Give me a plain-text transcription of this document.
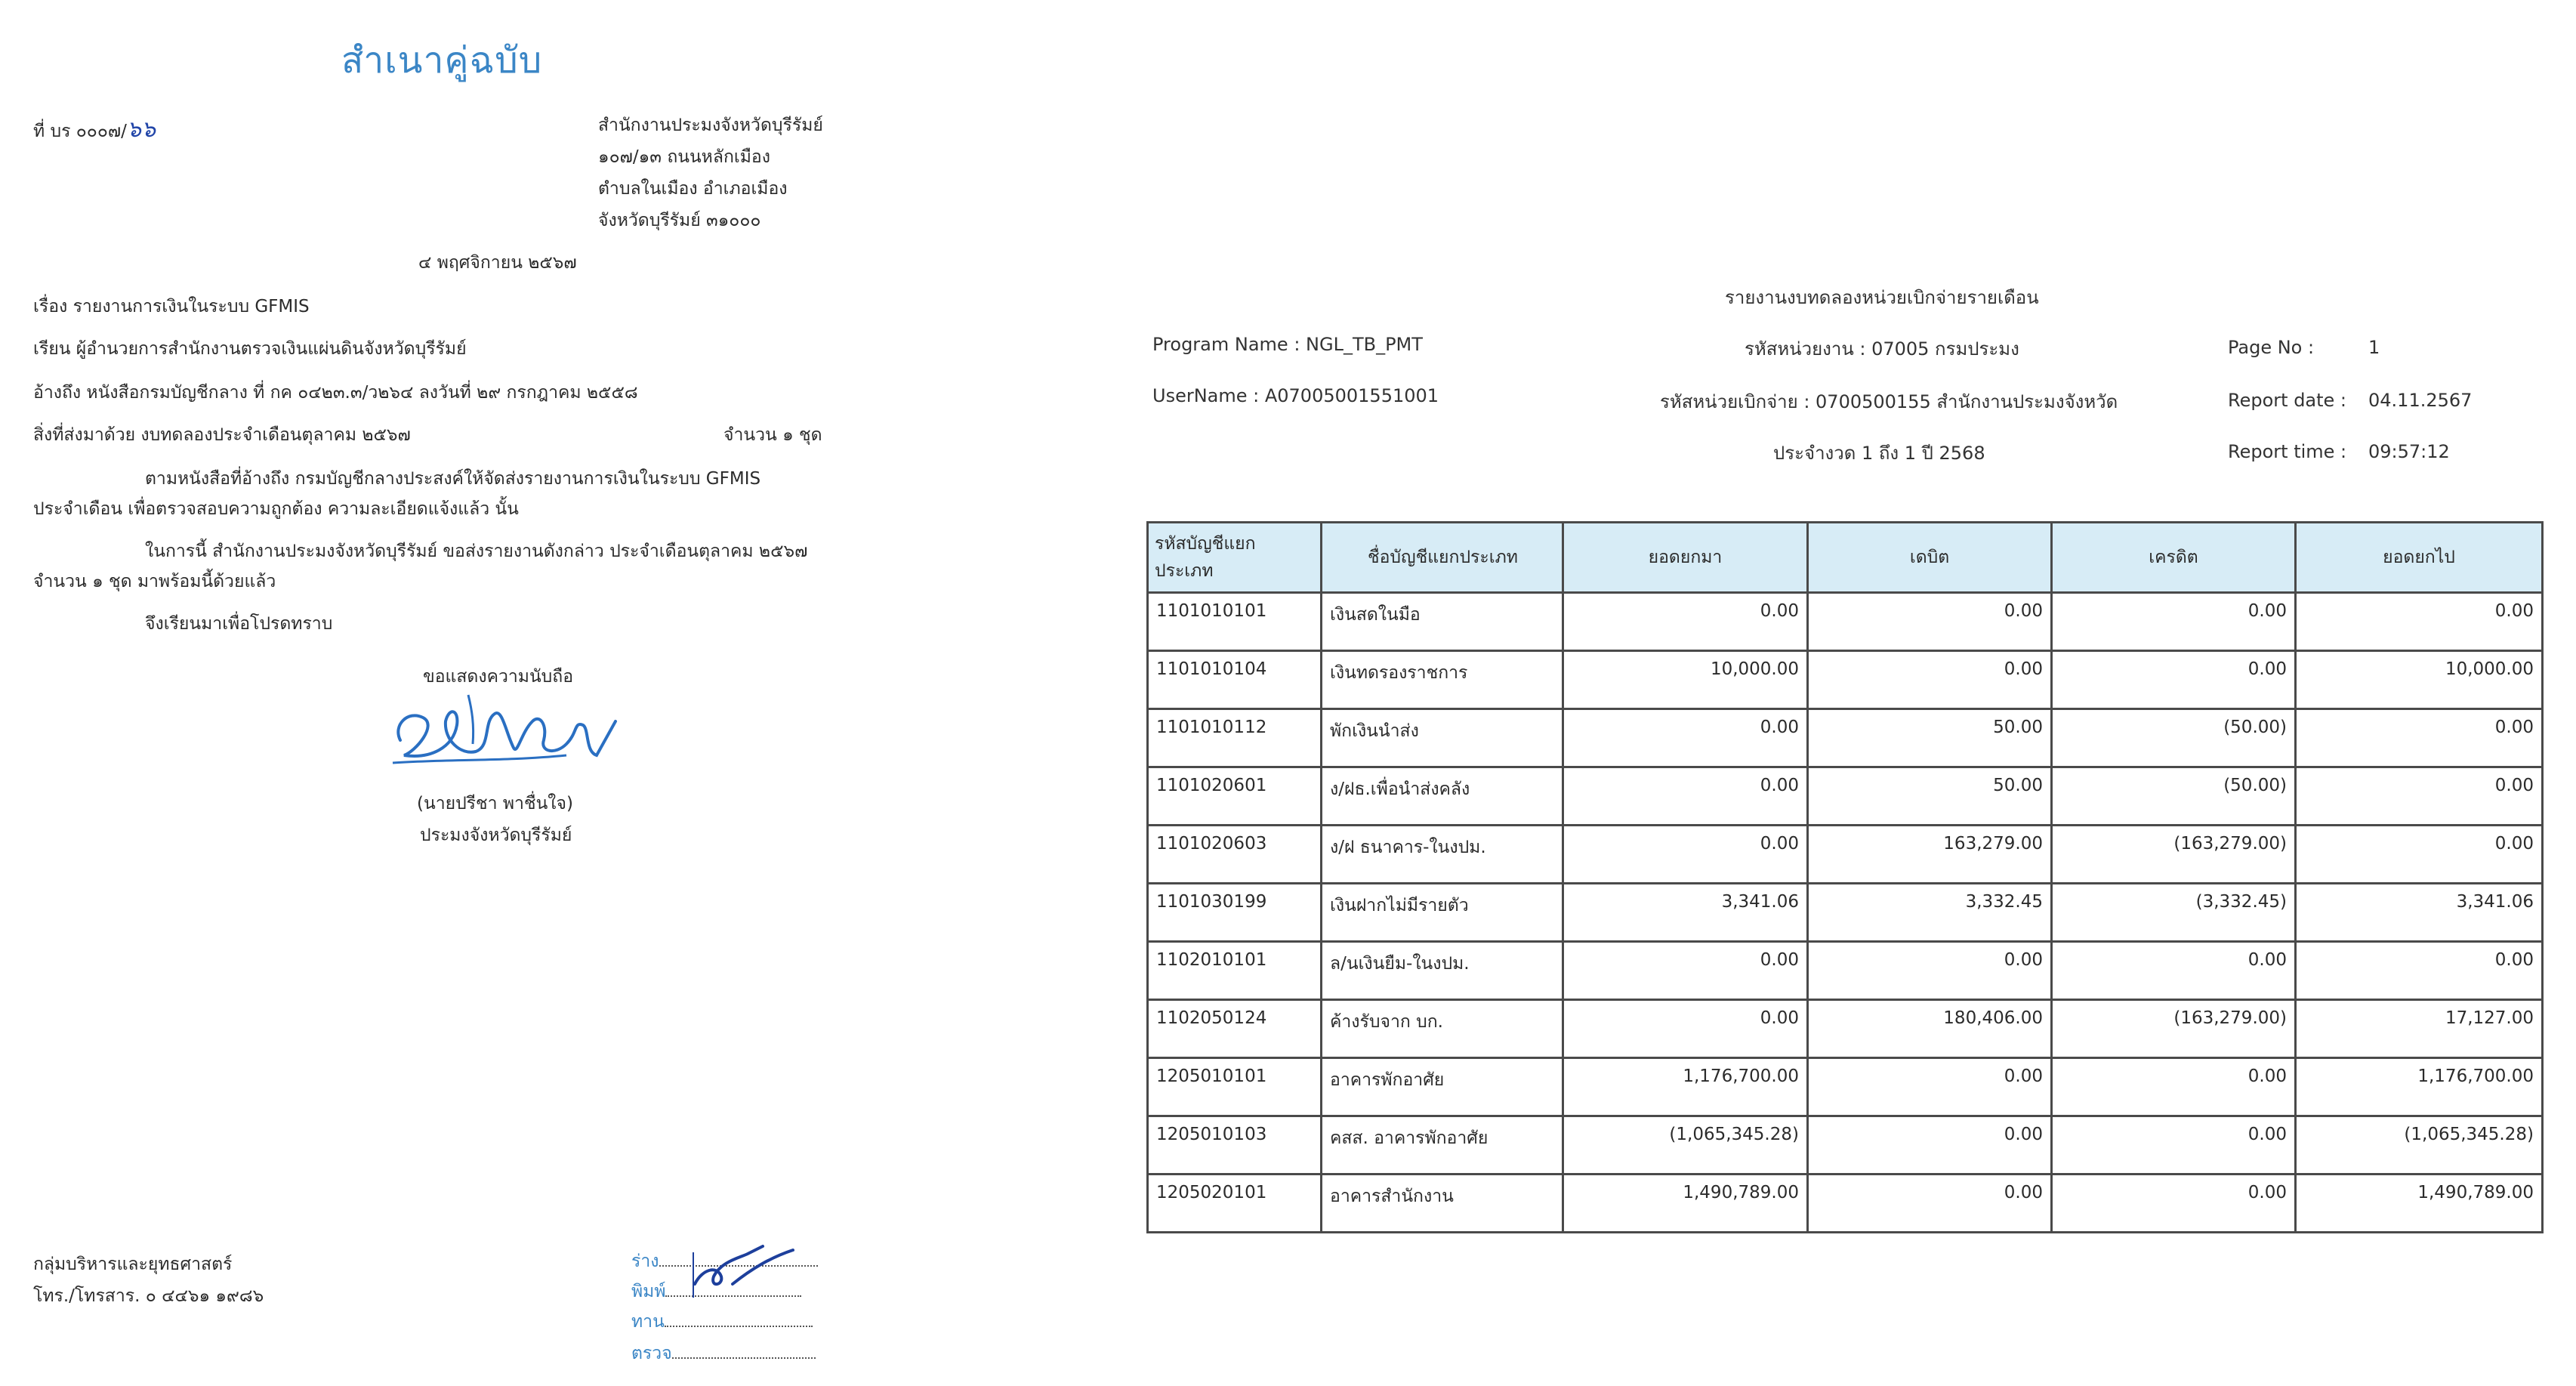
สำเนาคู่ฉบับ
ที่ บร ๐๐๐๗/๖๖	สำนักงานประมงจังหวัดบุรีรัมย์
๑๐๗/๑๓ ถนนหลักเมือง
ตำบลในเมือง อำเภอเมือง
จังหวัดบุรีรัมย์ ๓๑๐๐๐
๔ พฤศจิกายน ๒๕๖๗
เรื่อง รายงานการเงินในระบบ GFMIS
เรียน ผู้อำนวยการสำนักงานตรวจเงินแผ่นดินจังหวัดบุรีรัมย์
อ้างถึง หนังสือกรมบัญชีกลาง ที่ กค ๐๔๒๓.๓/ว๒๖๔ ลงวันที่ ๒๙ กรกฎาคม ๒๕๕๘
สิ่งที่ส่งมาด้วย งบทดลองประจำเดือนตุลาคม ๒๕๖๗	จำนวน ๑ ชุด
ตามหนังสือที่อ้างถึง กรมบัญชีกลางประสงค์ให้จัดส่งรายงานการเงินในระบบ GFMIS
ประจำเดือน เพื่อตรวจสอบความถูกต้อง ความละเอียดแจ้งแล้ว นั้น
ในการนี้ สำนักงานประมงจังหวัดบุรีรัมย์ ขอส่งรายงานดังกล่าว ประจำเดือนตุลาคม ๒๕๖๗
จำนวน ๑ ชุด มาพร้อมนี้ด้วยแล้ว
จึงเรียนมาเพื่อโปรดทราบ
ขอแสดงความนับถือ
(นายปรีชา พาชื่นใจ)
ประมงจังหวัดบุรีรัมย์
กลุ่มบริหารและยุทธศาสตร์
โทร./โทรสาร. ๐ ๔๔๖๑ ๑๙๘๖
ร่าง
พิมพ์
ทาน
ตรวจ
รายงานงบทดลองหน่วยเบิกจ่ายรายเดือน
Program Name : NGL_TB_PMT
UserName : A07005001551001
รหัสหน่วยงาน : 07005 กรมประมง
รหัสหน่วยเบิกจ่าย : 0700500155 สำนักงานประมงจังหวัด
ประจำงวด 1 ถึง 1 ปี 2568
Page No :	1
Report date : 04.11.2567
Report time : 09:57:12
รหัสบัญชีแยกประเภท	ชื่อบัญชีแยกประเภท	ยอดยกมา	เดบิต	เครดิต	ยอดยกไป
1101010101	เงินสดในมือ	0.00	0.00	0.00	0.00
1101010104	เงินทดรองราชการ	10,000.00	0.00	0.00	10,000.00
1101010112	พักเงินนำส่ง	0.00	50.00	(50.00)	0.00
1101020601	ง/ฝธ.เพื่อนำส่งคลัง	0.00	50.00	(50.00)	0.00
1101020603	ง/ฝ ธนาคาร-ในงปม.	0.00	163,279.00	(163,279.00)	0.00
1101030199	เงินฝากไม่มีรายตัว	3,341.06	3,332.45	(3,332.45)	3,341.06
1102010101	ล/นเงินยืม-ในงปม.	0.00	0.00	0.00	0.00
1102050124	ค้างรับจาก บก.	0.00	180,406.00	(163,279.00)	17,127.00
1205010101	อาคารพักอาศัย	1,176,700.00	0.00	0.00	1,176,700.00
1205010103	คสส. อาคารพักอาศัย	(1,065,345.28)	0.00	0.00	(1,065,345.28)
1205020101	อาคารสำนักงาน	1,490,789.00	0.00	0.00	1,490,789.00
